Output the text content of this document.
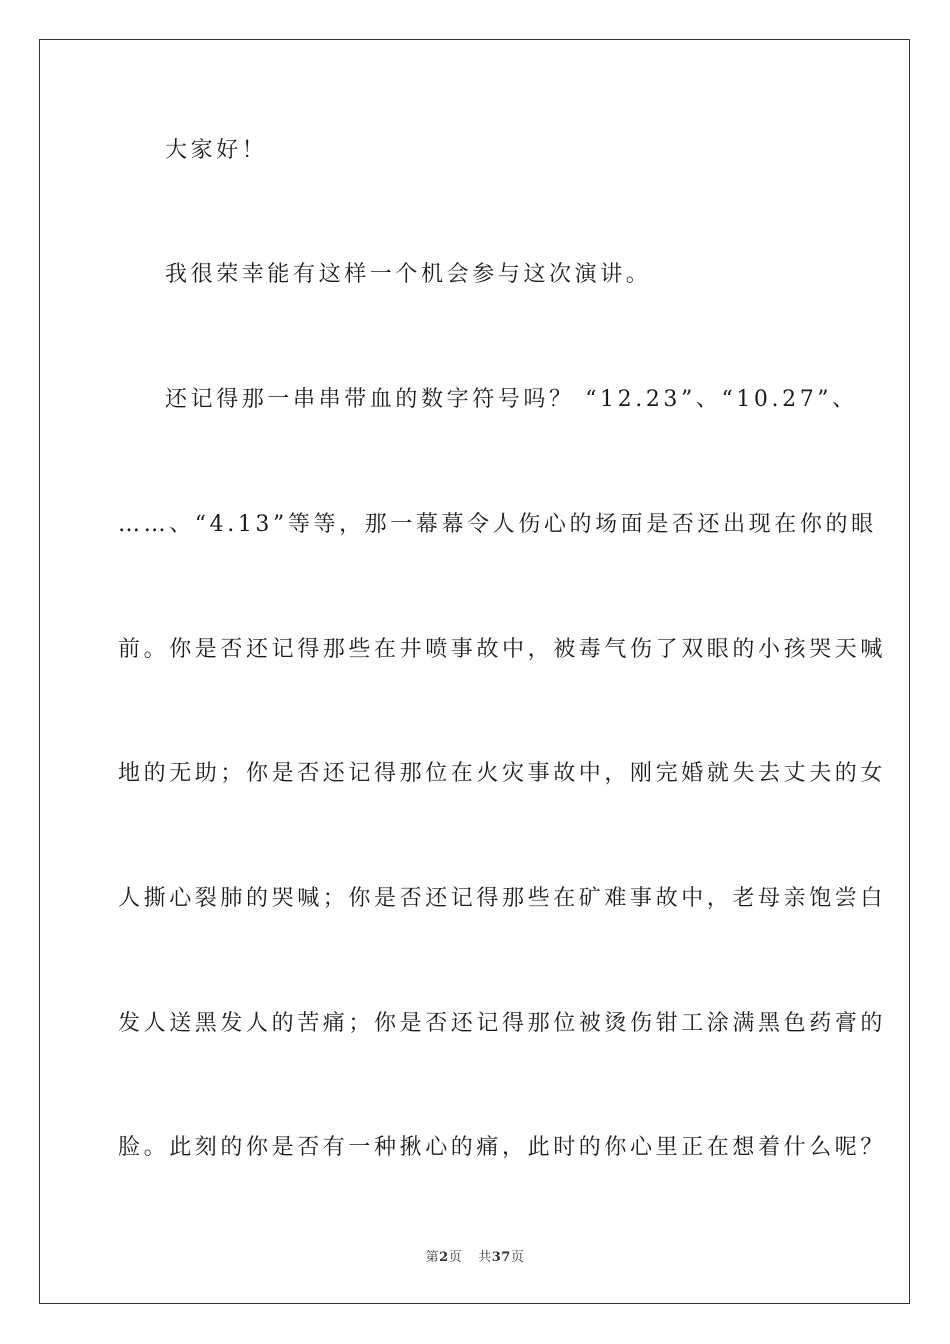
大家好！
我很荣幸能有这样一个机会参与这次演讲。
还记得那一串串带血的数字符号吗？ “12.23”、“10.27”、
……、“4.13”等等，那一幕幕令人伤心的场面是否还出现在你的眼
前。你是否还记得那些在井喷事故中，被毒气伤了双眼的小孩哭天喊
地的无助；你是否还记得那位在火灾事故中，刚完婚就失去丈夫的女
人撕心裂肺的哭喊；你是否还记得那些在矿难事故中，老母亲饱尝白
发人送黑发人的苦痛；你是否还记得那位被烫伤钳工涂满黑色药膏的
脸。此刻的你是否有一种揪心的痛，此时的你心里正在想着什么呢？
第2页 共37页
